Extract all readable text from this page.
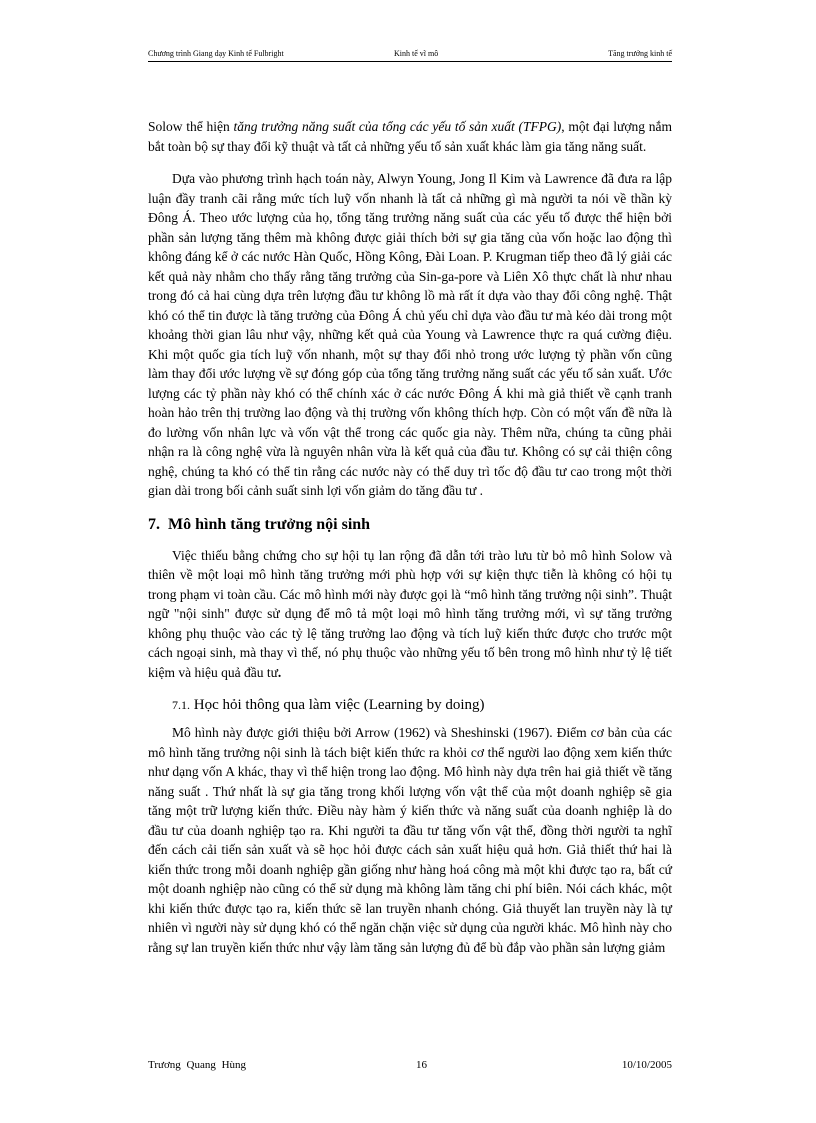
Chương trình Giang dạy Kinh tế Fulbright	Kinh tế vĩ mô	Tăng trưởng kinh tế

Solow thể hiện tăng trưởng năng suất của tổng các yếu tố sản xuất (TFPG), một đại lượng nắm bắt toàn bộ sự thay đổi kỹ thuật và tất cả những yếu tố sản xuất khác làm gia tăng năng suất.

Dựa vào phương trình hạch toán này, Alwyn Young, Jong Il Kim và Lawrence đã đưa ra lập luận đầy tranh cãi rằng mức tích luỹ vốn nhanh là tất cả những gì mà người ta nói về thần kỳ Đông Á. Theo ước lượng của họ, tổng tăng trưởng năng suất của các yếu tố được thể hiện bởi phần sản lượng tăng thêm mà không được giải thích bởi sự gia tăng của vốn hoặc lao động thì không đáng kể ở các nước Hàn Quốc, Hồng Kông, Đài Loan. P. Krugman tiếp theo đã lý giải các kết quả này nhằm cho thấy rằng tăng trưởng của Sin-ga-pore và Liên Xô thực chất là như nhau trong đó cả hai cùng dựa trên lượng đầu tư không lồ mà rất ít dựa vào thay đổi công nghệ. Thật khó có thể tin được là tăng trưởng của Đông Á chủ yếu chỉ dựa vào đầu tư mà kéo dài trong một khoảng thời gian lâu như vậy, những kết quả của Young và Lawrence thực ra quá cường điệu. Khi một quốc gia tích luỹ vốn nhanh, một sự thay đổi nhỏ trong ước lượng tỷ phần vốn cũng làm thay đổi ước lượng về sự đóng góp của tổng tăng trưởng năng suất các yếu tố sản xuất. Ước lượng các tỷ phần này khó có thể chính xác ở các nước Đông Á khi mà giả thiết về cạnh tranh hoàn hảo trên thị trường lao động và thị trường vốn không thích hợp. Còn có một vấn đề nữa là đo lường vốn nhân lực và vốn vật thể trong các quốc gia này. Thêm nữa, chúng ta cũng phải nhận ra là công nghệ vừa là nguyên nhân vừa là kết quả của đầu tư. Không có sự cải thiện công nghệ, chúng ta khó có thể tin rằng các nước này có thể duy trì tốc độ đầu tư cao trong một thời gian dài trong bối cảnh suất sinh lợi vốn giảm do tăng đầu tư .

7. Mô hình tăng trưởng nội sinh

Việc thiếu bằng chứng cho sự hội tụ lan rộng đã dẫn tới trào lưu từ bỏ mô hình Solow và thiên về một loại mô hình tăng trưởng mới phù hợp với sự kiện thực tiễn là không có hội tụ trong phạm vi toàn cầu. Các mô hình mới này được gọi là “mô hình tăng trưởng nội sinh”. Thuật ngữ "nội sinh" được sử dụng để mô tả một loại mô hình tăng trưởng mới, vì sự tăng trưởng không phụ thuộc vào các tỷ lệ tăng trưởng lao động và tích luỹ kiến thức được cho trước một cách ngoại sinh, mà thay vì thế, nó phụ thuộc vào những yếu tố bên trong mô hình như tỷ lệ tiết kiệm và hiệu quả đầu tư.

7.1. Học hỏi thông qua làm việc (Learning by doing)

Mô hình này được giới thiệu bởi Arrow (1962) và Sheshinski (1967). Điểm cơ bản của các mô hình tăng trưởng nội sinh là tách biệt kiến thức ra khỏi cơ thể người lao động xem kiến thức như dạng vốn A khác, thay vì thể hiện trong lao động. Mô hình này dựa trên hai giả thiết về tăng năng suất . Thứ nhất là sự gia tăng trong khối lượng vốn vật thể của một doanh nghiệp sẽ gia tăng một trữ lượng kiến thức. Điều này hàm ý kiến thức và năng suất của doanh nghiệp là do đầu tư của doanh nghiệp tạo ra. Khi người ta đầu tư tăng vốn vật thể, đồng thời người ta nghĩ đến cách cải tiến sản xuất và sẽ học hỏi được cách sản xuất hiệu quả hơn. Giả thiết thứ hai là kiến thức trong mỗi doanh nghiệp gần giống như hàng hoá công mà một khi được tạo ra, bất cứ một doanh nghiệp nào cũng có thể sử dụng mà không làm tăng chi phí biên. Nói cách khác, một khi kiến thức được tạo ra, kiến thức sẽ lan truyền nhanh chóng. Giả thuyết lan truyền này là tự nhiên vì người này sử dụng khó có thể ngăn chặn việc sử dụng của người khác. Mô hình này cho rằng sự lan truyền kiến thức như vậy làm tăng sản lượng đủ để bù đắp vào phần sản lượng giảm

Trương Quang Hùng	16	10/10/2005
